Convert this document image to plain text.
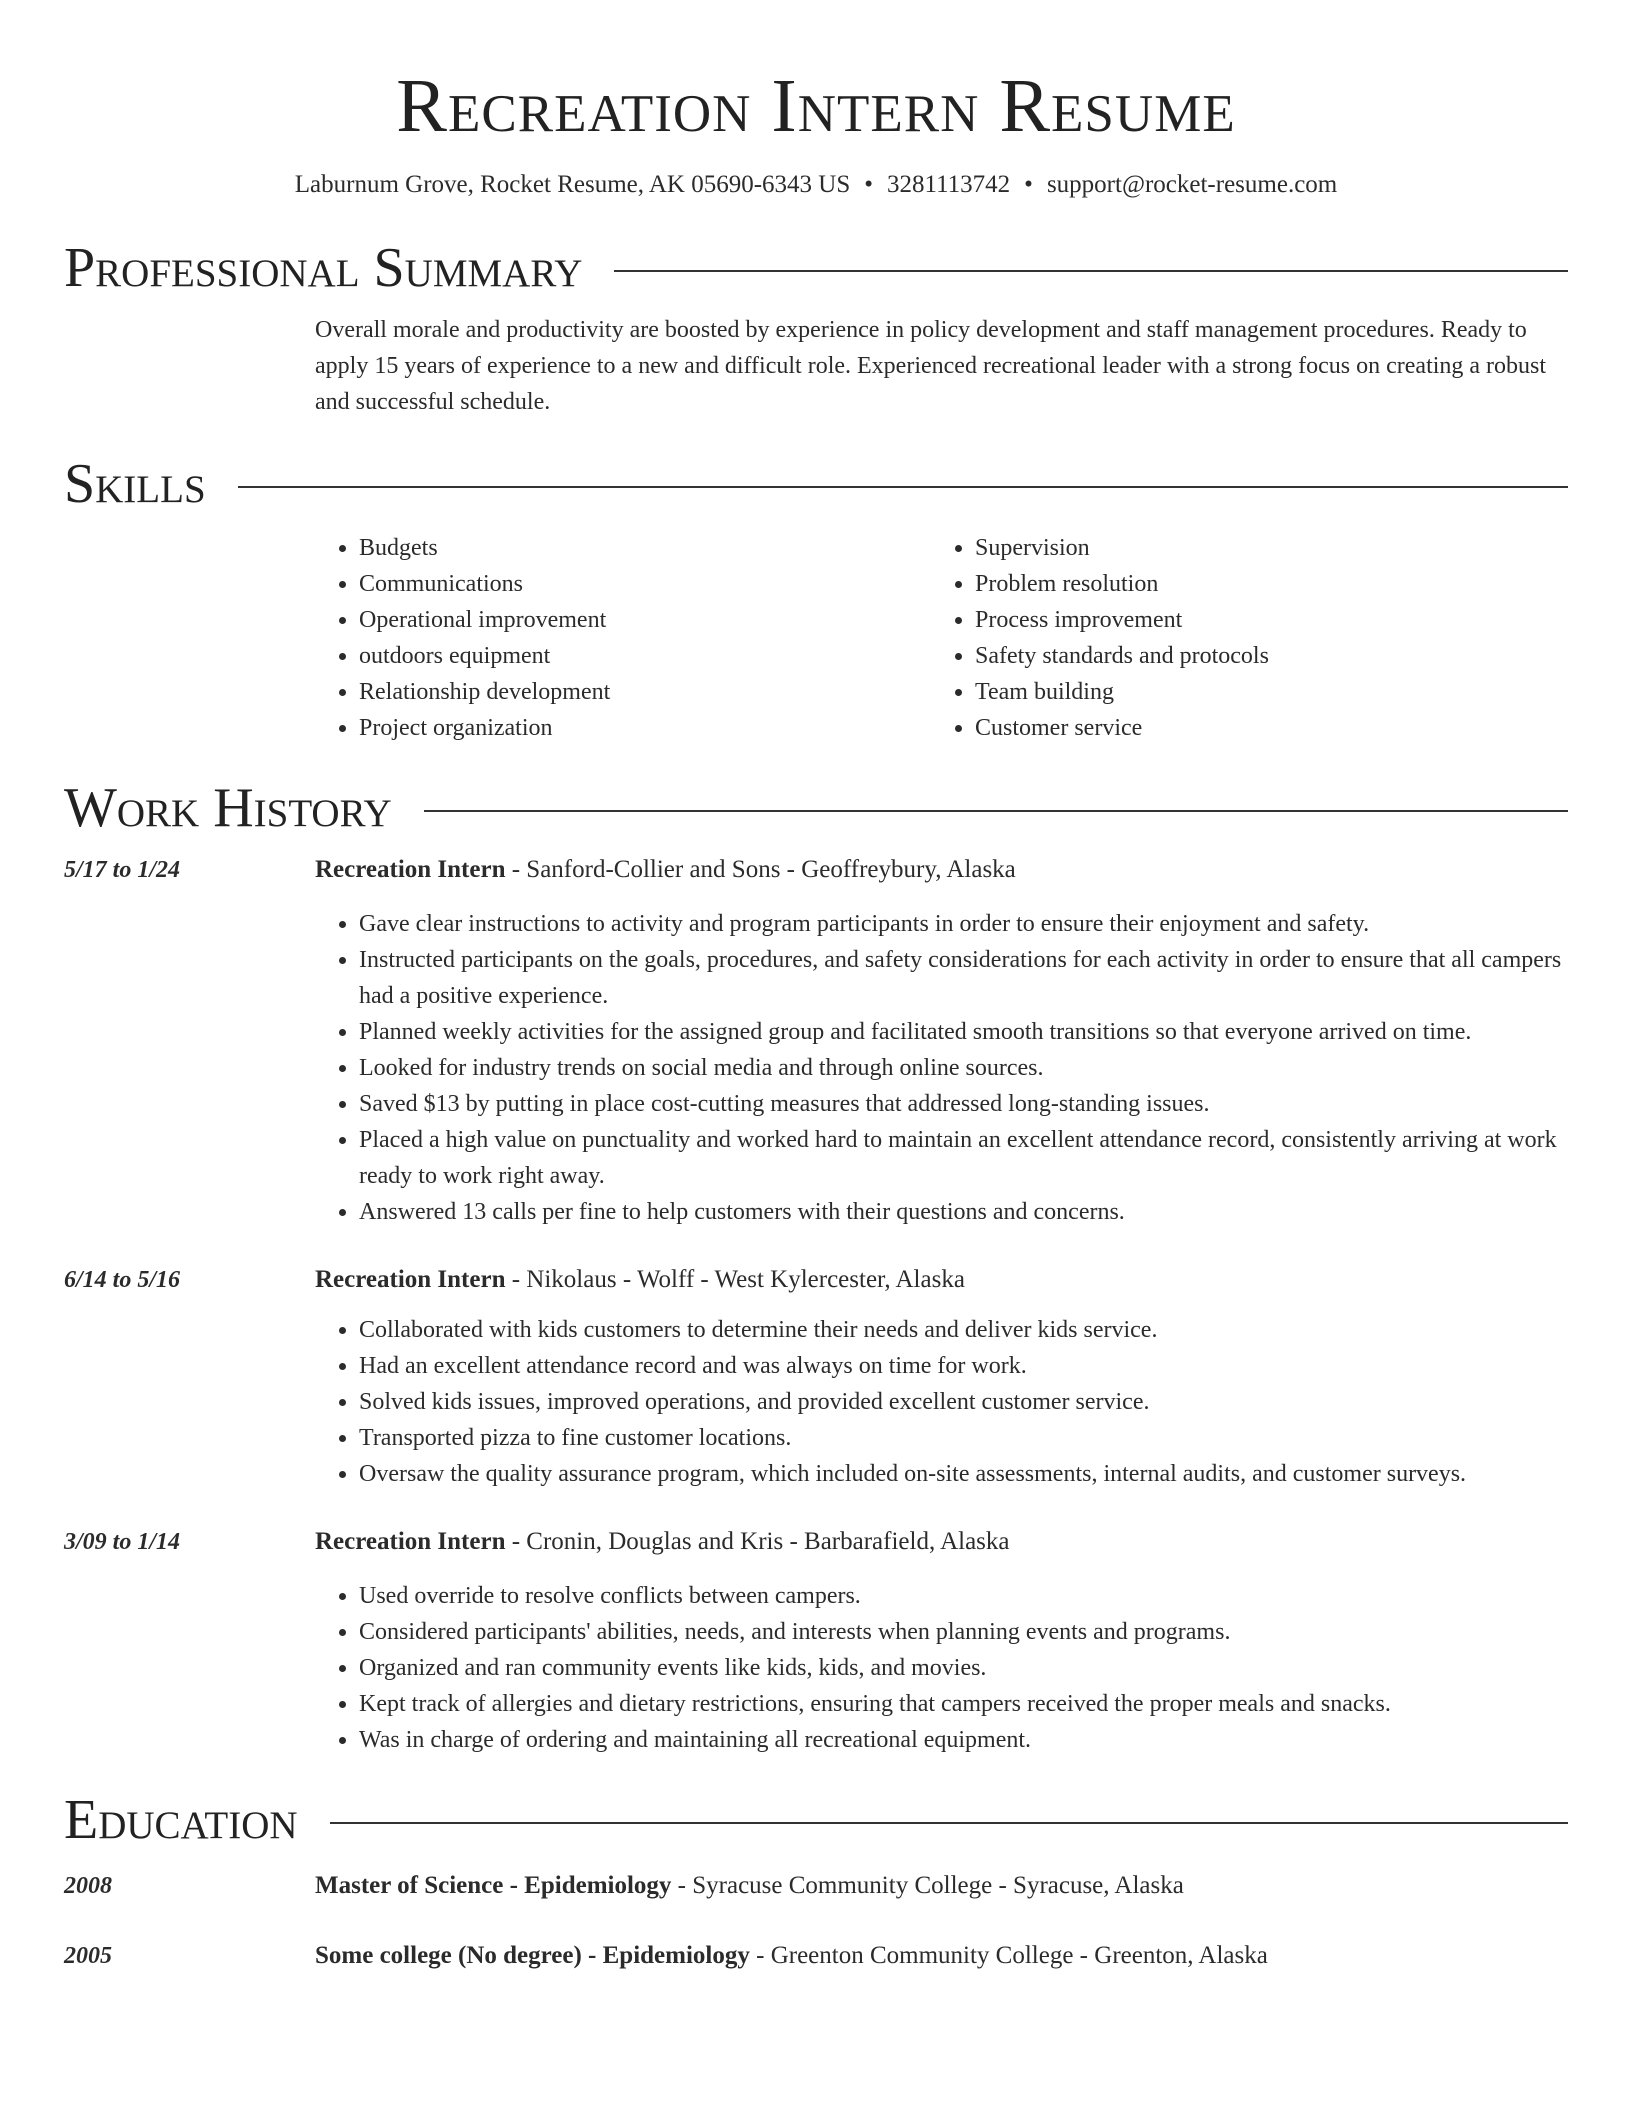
Recreation Intern Resume
Laburnum Grove, Rocket Resume, AK 05690-6343 US • 3281113742 • support@rocket-resume.com
Professional Summary

Overall morale and productivity are boosted by experience in policy development and staff management procedures. Ready to apply 15 years of experience to a new and difficult role. Experienced recreational leader with a strong focus on creating a robust and successful schedule.

Skills
• Budgets
• Communications
• Operational improvement
• outdoors equipment
• Relationship development
• Project organization
• Supervision
• Problem resolution
• Process improvement
• Safety standards and protocols
• Team building
• Customer service
Work History
5/17 to 1/24	Recreation Intern - Sanford-Collier and Sons - Geoffreybury, Alaska
• Gave clear instructions to activity and program participants in order to ensure their enjoyment and safety.
• Instructed participants on the goals, procedures, and safety considerations for each activity in order to ensure that all campers had a positive experience.
• Planned weekly activities for the assigned group and facilitated smooth transitions so that everyone arrived on time.
• Looked for industry trends on social media and through online sources.
• Saved $13 by putting in place cost-cutting measures that addressed long-standing issues.
• Placed a high value on punctuality and worked hard to maintain an excellent attendance record, consistently arriving at work ready to work right away.
• Answered 13 calls per fine to help customers with their questions and concerns.
6/14 to 5/16	Recreation Intern - Nikolaus - Wolff - West Kylercester, Alaska
• Collaborated with kids customers to determine their needs and deliver kids service.
• Had an excellent attendance record and was always on time for work.
• Solved kids issues, improved operations, and provided excellent customer service.
• Transported pizza to fine customer locations.
• Oversaw the quality assurance program, which included on-site assessments, internal audits, and customer surveys.
3/09 to 1/14	Recreation Intern - Cronin, Douglas and Kris - Barbarafield, Alaska
• Used override to resolve conflicts between campers.
• Considered participants' abilities, needs, and interests when planning events and programs.
• Organized and ran community events like kids, kids, and movies.
• Kept track of allergies and dietary restrictions, ensuring that campers received the proper meals and snacks.
• Was in charge of ordering and maintaining all recreational equipment.
Education
2008	Master of Science - Epidemiology - Syracuse Community College - Syracuse, Alaska
2005	Some college (No degree) - Epidemiology - Greenton Community College - Greenton, Alaska
